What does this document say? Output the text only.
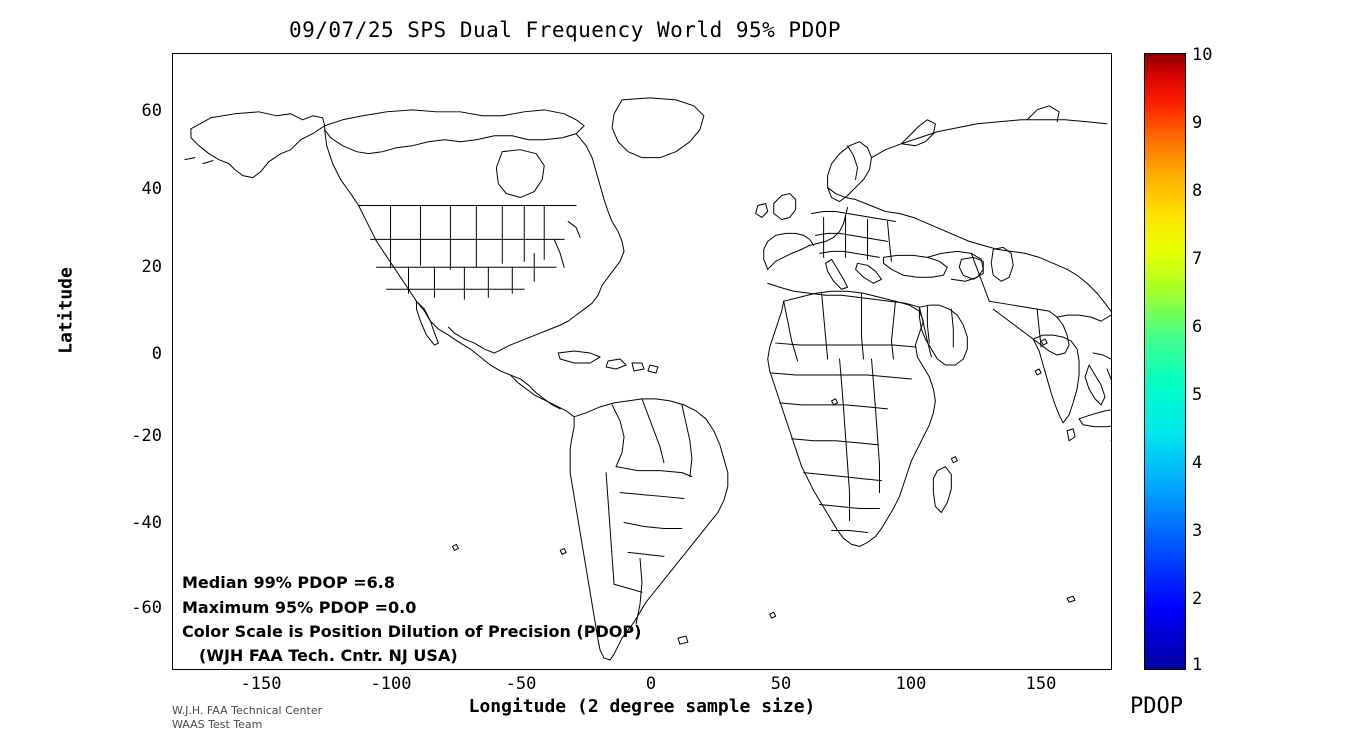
09/07/25 SPS Dual Frequency World 95% PDOP
Latitude
60
40
20
0
-20
-40
-60
-150	-100	-50	0	50	100	150
Median 99% PDOP =6.8
Maximum 95% PDOP =0.0
Color Scale is Position Dilution of Precision (PDOP)
(WJH FAA Tech. Cntr. NJ USA)
Longitude (2 degree sample size)
W.J.H. FAA Technical Center
WAAS Test Team
10
9
8
7
6
5
4
3
2
1
PDOP
